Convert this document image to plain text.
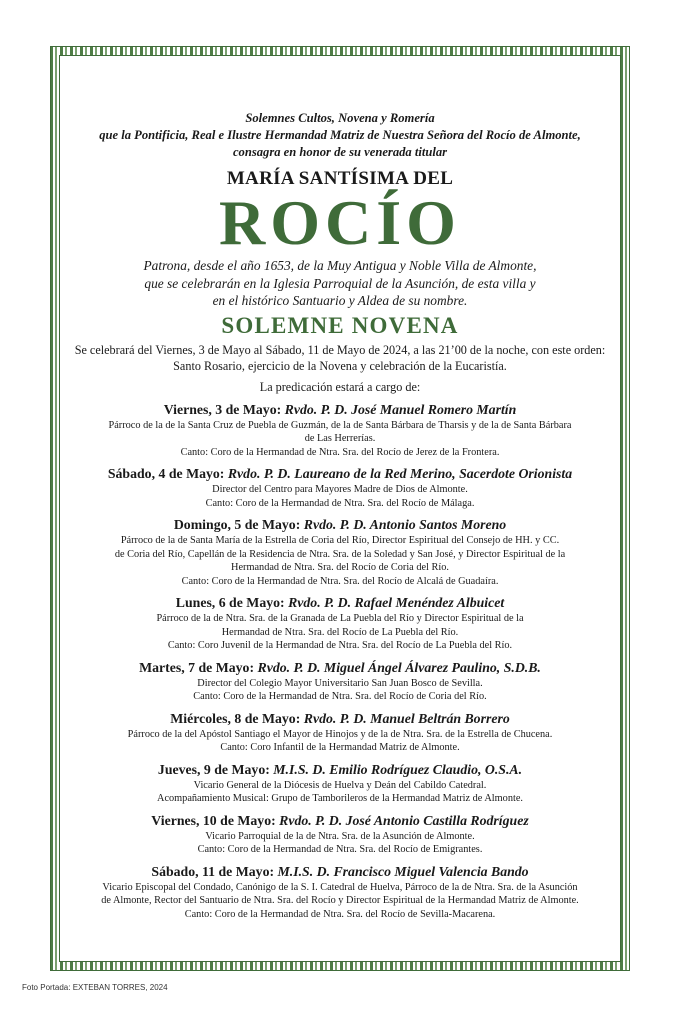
Solemnes Cultos, Novena y Romería
que la Pontificia, Real e Ilustre Hermandad Matriz de Nuestra Señora del Rocío de Almonte,
consagra en honor de su venerada titular
MARÍA SANTÍSIMA DEL
ROCÍO
Patrona, desde el año 1653, de la Muy Antigua y Noble Villa de Almonte,
que se celebrarán en la Iglesia Parroquial de la Asunción, de esta villa y
en el histórico Santuario y Aldea de su nombre.
SOLEMNE NOVENA
Se celebrará del Viernes, 3 de Mayo al Sábado, 11 de Mayo de 2024, a las 21’00 de la noche, con este orden:
Santo Rosario, ejercicio de la Novena y celebración de la Eucaristía.
La predicación estará a cargo de:
Viernes, 3 de Mayo: Rvdo. P. D. José Manuel Romero Martín
Párroco de la de la Santa Cruz de Puebla de Guzmán, de la de Santa Bárbara de Tharsis y de la de Santa Bárbara
de Las Herrerías.
Canto: Coro de la Hermandad de Ntra. Sra. del Rocío de Jerez de la Frontera.
Sábado, 4 de Mayo: Rvdo. P. D. Laureano de la Red Merino, Sacerdote Orionista
Director del Centro para Mayores Madre de Dios de Almonte.
Canto: Coro de la Hermandad de Ntra. Sra. del Rocío de Málaga.
Domingo, 5 de Mayo: Rvdo. P. D. Antonio Santos Moreno
Párroco de la de Santa María de la Estrella de Coria del Río, Director Espiritual del Consejo de HH. y CC.
de Coria del Río, Capellán de la Residencia de Ntra. Sra. de la Soledad y San José, y Director Espiritual de la
Hermandad de Ntra. Sra. del Rocío de Coria del Río.
Canto: Coro de la Hermandad de Ntra. Sra. del Rocío de Alcalá de Guadaíra.
Lunes, 6 de Mayo: Rvdo. P. D. Rafael Menéndez Albuicet
Párroco de la de Ntra. Sra. de la Granada de La Puebla del Río y Director Espiritual de la
Hermandad de Ntra. Sra. del Rocío de La Puebla del Río.
Canto: Coro Juvenil de la Hermandad de Ntra. Sra. del Rocío de La Puebla del Río.
Martes, 7 de Mayo: Rvdo. P. D. Miguel Ángel Álvarez Paulino, S.D.B.
Director del Colegio Mayor Universitario San Juan Bosco de Sevilla.
Canto: Coro de la Hermandad de Ntra. Sra. del Rocío de Coria del Río.
Miércoles, 8 de Mayo: Rvdo. P. D. Manuel Beltrán Borrero
Párroco de la del Apóstol Santiago el Mayor de Hinojos y de la de Ntra. Sra. de la Estrella de Chucena.
Canto: Coro Infantil de la Hermandad Matriz de Almonte.
Jueves, 9 de Mayo: M.I.S. D. Emilio Rodríguez Claudio, O.S.A.
Vicario General de la Diócesis de Huelva y Deán del Cabildo Catedral.
Acompañamiento Musical: Grupo de Tamborileros de la Hermandad Matriz de Almonte.
Viernes, 10 de Mayo: Rvdo. P. D. José Antonio Castilla Rodríguez
Vicario Parroquial de la de Ntra. Sra. de la Asunción de Almonte.
Canto: Coro de la Hermandad de Ntra. Sra. del Rocío de Emigrantes.
Sábado, 11 de Mayo: M.I.S. D. Francisco Miguel Valencia Bando
Vicario Episcopal del Condado, Canónigo de la S. I. Catedral de Huelva, Párroco de la de Ntra. Sra. de la Asunción
de Almonte, Rector del Santuario de Ntra. Sra. del Rocío y Director Espiritual de la Hermandad Matriz de Almonte.
Canto: Coro de la Hermandad de Ntra. Sra. del Rocío de Sevilla-Macarena.
Foto Portada: EXTEBAN TORRES, 2024
